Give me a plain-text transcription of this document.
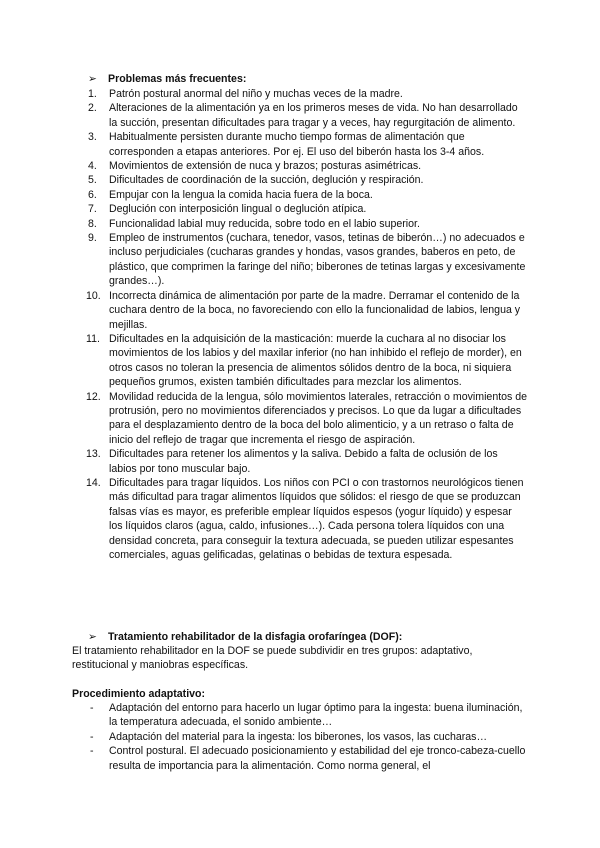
➢ Problemas más frecuentes:
1.	Patrón postural anormal del niño y muchas veces de la madre.
2.	Alteraciones de la alimentación ya en los primeros meses de vida. No han desarrollado la succión, presentan dificultades para tragar y a veces, hay regurgitación de alimento.
3.	Habitualmente persisten durante mucho tiempo formas de alimentación que corresponden a etapas anteriores. Por ej. El uso del biberón hasta los 3-4 años.
4.	Movimientos de extensión de nuca y brazos; posturas asimétricas.
5.	Dificultades de coordinación de la succión, deglución y respiración.
6.	Empujar con la lengua la comida hacia fuera de la boca.
7.	Deglución con interposición lingual o deglución atípica.
8.	Funcionalidad labial muy reducida, sobre todo en el labio superior.
9.	Empleo de instrumentos (cuchara, tenedor, vasos, tetinas de biberón…) no adecuados e incluso perjudiciales (cucharas grandes y hondas, vasos grandes, baberos en peto, de plástico, que comprimen la faringe del niño; biberones de tetinas largas y excesivamente grandes…).
10. Incorrecta dinámica de alimentación por parte de la madre. Derramar el contenido de la cuchara dentro de la boca, no favoreciendo con ello la funcionalidad de labios, lengua y mejillas.
11. Dificultades en la adquisición de la masticación: muerde la cuchara al no disociar los movimientos de los labios y del maxilar inferior (no han inhibido el reflejo de morder), en otros casos no toleran la presencia de alimentos sólidos dentro de la boca, ni siquiera pequeños grumos, existen también dificultades para mezclar los alimentos.
12. Movilidad reducida de la lengua, sólo movimientos laterales, retracción o movimientos de protrusión, pero no movimientos diferenciados y precisos. Lo que da lugar a dificultades para el desplazamiento dentro de la boca del bolo alimenticio, y a un retraso o falta de inicio del reflejo de tragar que incrementa el riesgo de aspiración.
13. Dificultades para retener los alimentos y la saliva. Debido a falta de oclusión de los labios por tono muscular bajo.
14. Dificultades para tragar líquidos. Los niños con PCI o con trastornos neurológicos tienen más dificultad para tragar alimentos líquidos que sólidos: el riesgo de que se produzcan falsas vías es mayor, es preferible emplear líquidos espesos (yogur líquido) y espesar los líquidos claros (agua, caldo, infusiones…). Cada persona tolera líquidos con una densidad concreta, para conseguir la textura adecuada, se pueden utilizar espesantes comerciales, aguas gelificadas, gelatinas o bebidas de textura espesada.
➢ Tratamiento rehabilitador de la disfagia orofaríngea (DOF):
El tratamiento rehabilitador en la DOF se puede subdividir en tres grupos: adaptativo, restitucional y maniobras específicas.
Procedimiento adaptativo:
- Adaptación del entorno para hacerlo un lugar óptimo para la ingesta: buena iluminación, la temperatura adecuada, el sonido ambiente…
- Adaptación del material para la ingesta: los biberones, los vasos, las cucharas…
- Control postural. El adecuado posicionamiento y estabilidad del eje tronco-cabeza-cuello resulta de importancia para la alimentación. Como norma general, el
